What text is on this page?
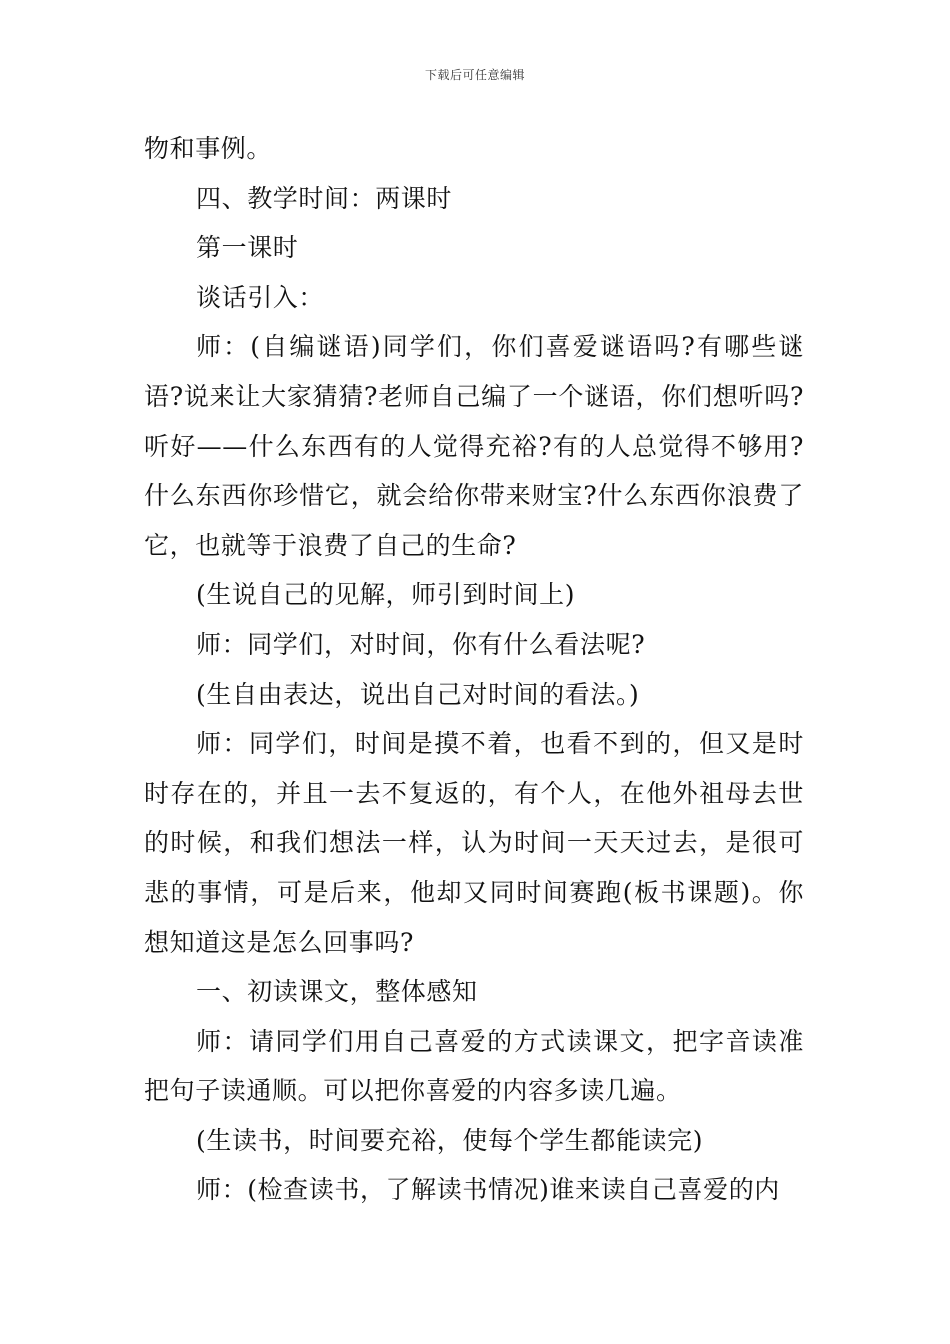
下载后可任意编辑

物和事例。

四、教学时间：两课时

第一课时

谈话引入：

师：(自编谜语)同学们，你们喜爱谜语吗?有哪些谜语?说来让大家猜猜?老师自己编了一个谜语，你们想听吗?听好——什么东西有的人觉得充裕?有的人总觉得不够用?什么东西你珍惜它，就会给你带来财宝?什么东西你浪费了它，也就等于浪费了自己的生命?

(生说自己的见解，师引到时间上)

师：同学们，对时间，你有什么看法呢?

(生自由表达，说出自己对时间的看法。)

师：同学们，时间是摸不着，也看不到的，但又是时时存在的，并且一去不复返的，有个人，在他外祖母去世的时候，和我们想法一样，认为时间一天天过去，是很可悲的事情，可是后来，他却又同时间赛跑(板书课题)。你想知道这是怎么回事吗?

一、初读课文，整体感知

师：请同学们用自己喜爱的方式读课文，把字音读准把句子读通顺。可以把你喜爱的内容多读几遍。

(生读书，时间要充裕，使每个学生都能读完)

师：(检查读书，了解读书情况)谁来读自己喜爱的内
